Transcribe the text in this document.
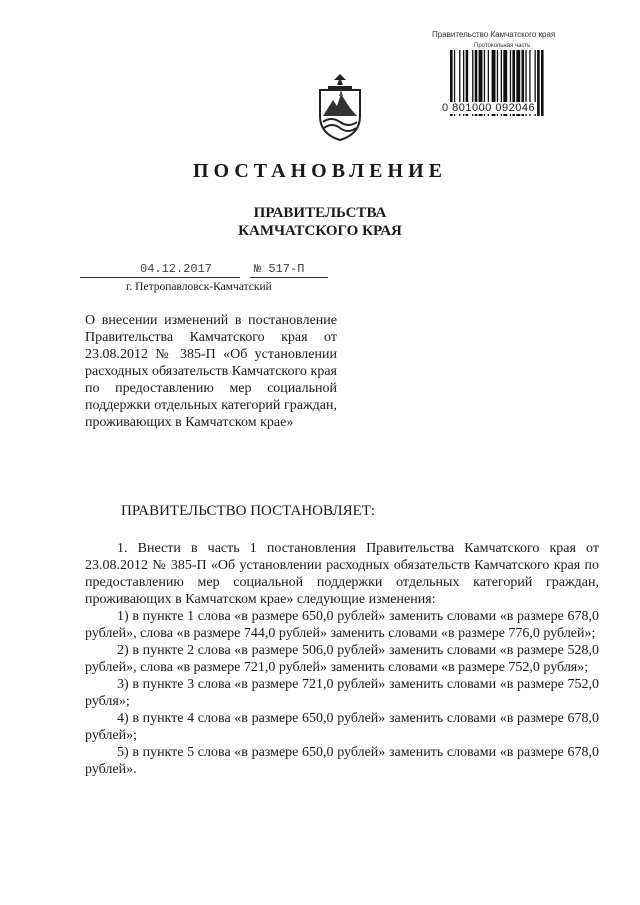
Правительство Камчатского края
Протокольная часть
0 801000 092046
ПОСТАНОВЛЕНИЕ
ПРАВИТЕЛЬСТВА
КАМЧАТСКОГО КРАЯ
04.12.2017	№ 517-П
г. Петропавловск-Камчатский
О внесении изменений в постановление Правительства Камчатского края от 23.08.2012 № 385-П «Об установлении расходных обязательств Камчатского края по предоставлению мер социальной поддержки отдельных категорий граждан, проживающих в Камчатском крае»
ПРАВИТЕЛЬСТВО ПОСТАНОВЛЯЕТ:

1. Внести в часть 1 постановления Правительства Камчатского края от 23.08.2012 № 385-П «Об установлении расходных обязательств Камчатского края по предоставлению мер социальной поддержки отдельных категорий граждан, проживающих в Камчатском крае» следующие изменения:

1) в пункте 1 слова «в размере 650,0 рублей» заменить словами «в размере 678,0 рублей», слова «в размере 744,0 рублей» заменить словами «в размере 776,0 рублей»;

2) в пункте 2 слова «в размере 506,0 рублей» заменить словами «в размере 528,0 рублей», слова «в размере 721,0 рублей» заменить словами «в размере 752,0 рубля»;

3) в пункте 3 слова «в размере 721,0 рублей» заменить словами «в размере 752,0 рубля»;

4) в пункте 4 слова «в размере 650,0 рублей» заменить словами «в размере 678,0 рублей»;

5) в пункте 5 слова «в размере 650,0 рублей» заменить словами «в размере 678,0 рублей».
